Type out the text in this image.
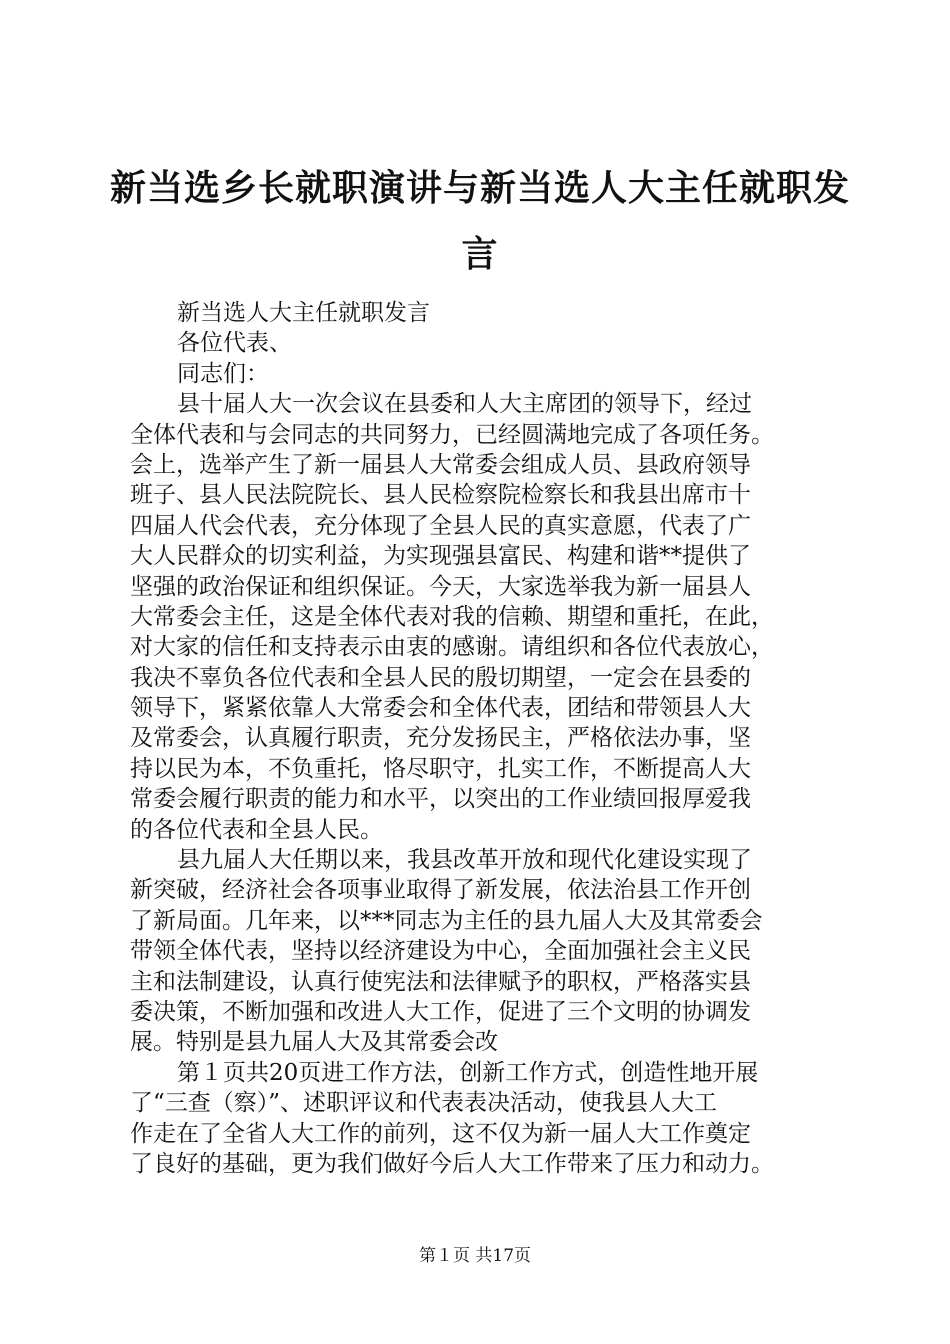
新当选乡长就职演讲与新当选人大主任就职发
言
新当选人大主任就职发言
各位代表、
同志们：
县十届人大一次会议在县委和人大主席团的领导下，经过
全体代表和与会同志的共同努力，已经圆满地完成了各项任务。
会上，选举产生了新一届县人大常委会组成人员、县政府领导
班子、县人民法院院长、县人民检察院检察长和我县出席市十
四届人代会代表，充分体现了全县人民的真实意愿，代表了广
大人民群众的切实利益，为实现强县富民、构建和谐**提供了
坚强的政治保证和组织保证。今天，大家选举我为新一届县人
大常委会主任，这是全体代表对我的信赖、期望和重托，在此，
对大家的信任和支持表示由衷的感谢。请组织和各位代表放心，
我决不辜负各位代表和全县人民的殷切期望，一定会在县委的
领导下，紧紧依靠人大常委会和全体代表，团结和带领县人大
及常委会，认真履行职责，充分发扬民主，严格依法办事，坚
持以民为本，不负重托，恪尽职守，扎实工作，不断提高人大
常委会履行职责的能力和水平，以突出的工作业绩回报厚爱我
的各位代表和全县人民。
县九届人大任期以来，我县改革开放和现代化建设实现了
新突破，经济社会各项事业取得了新发展，依法治县工作开创
了新局面。几年来，以***同志为主任的县九届人大及其常委会
带领全体代表，坚持以经济建设为中心，全面加强社会主义民
主和法制建设，认真行使宪法和法律赋予的职权，严格落实县
委决策，不断加强和改进人大工作，促进了三个文明的协调发
展。特别是县九届人大及其常委会改
第１页共20页进工作方法，创新工作方式，创造性地开展
了“三查（察）”、述职评议和代表表决活动，使我县人大工
作走在了全省人大工作的前列，这不仅为新一届人大工作奠定
了良好的基础，更为我们做好今后人大工作带来了压力和动力。
第１页 共17页
